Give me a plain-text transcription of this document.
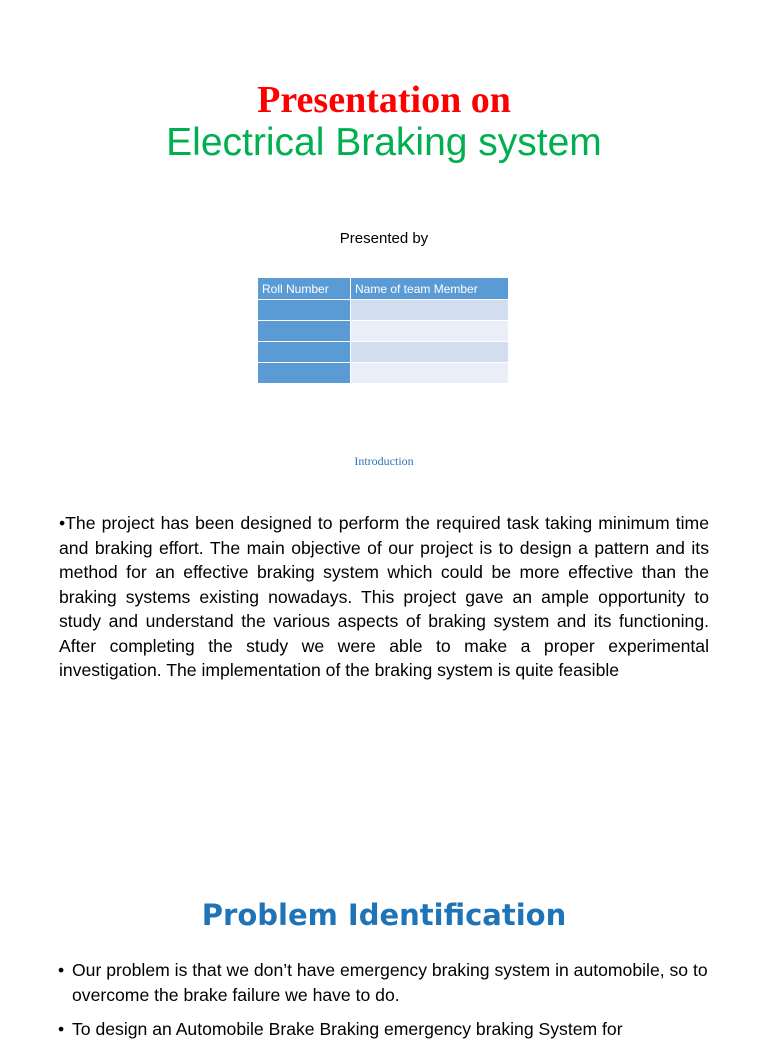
Presentation on
Electrical Braking system
Presented by
Roll Number	Name of team Member

Introduction

•The project has been designed to perform the required task taking minimum time and braking effort. The main objective of our project is to design a pattern and its method for an effective braking system which could be more effective than the braking systems existing nowadays. This project gave an ample opportunity to study and understand the various aspects of braking system and its functioning. After completing the study we were able to make a proper experimental investigation. The implementation of the braking system is quite feasible

Problem Identification
• Our problem is that we don’t have emergency braking system in automobile, so to overcome the brake failure we have to do.
• To design an Automobile Brake Braking emergency braking System for
